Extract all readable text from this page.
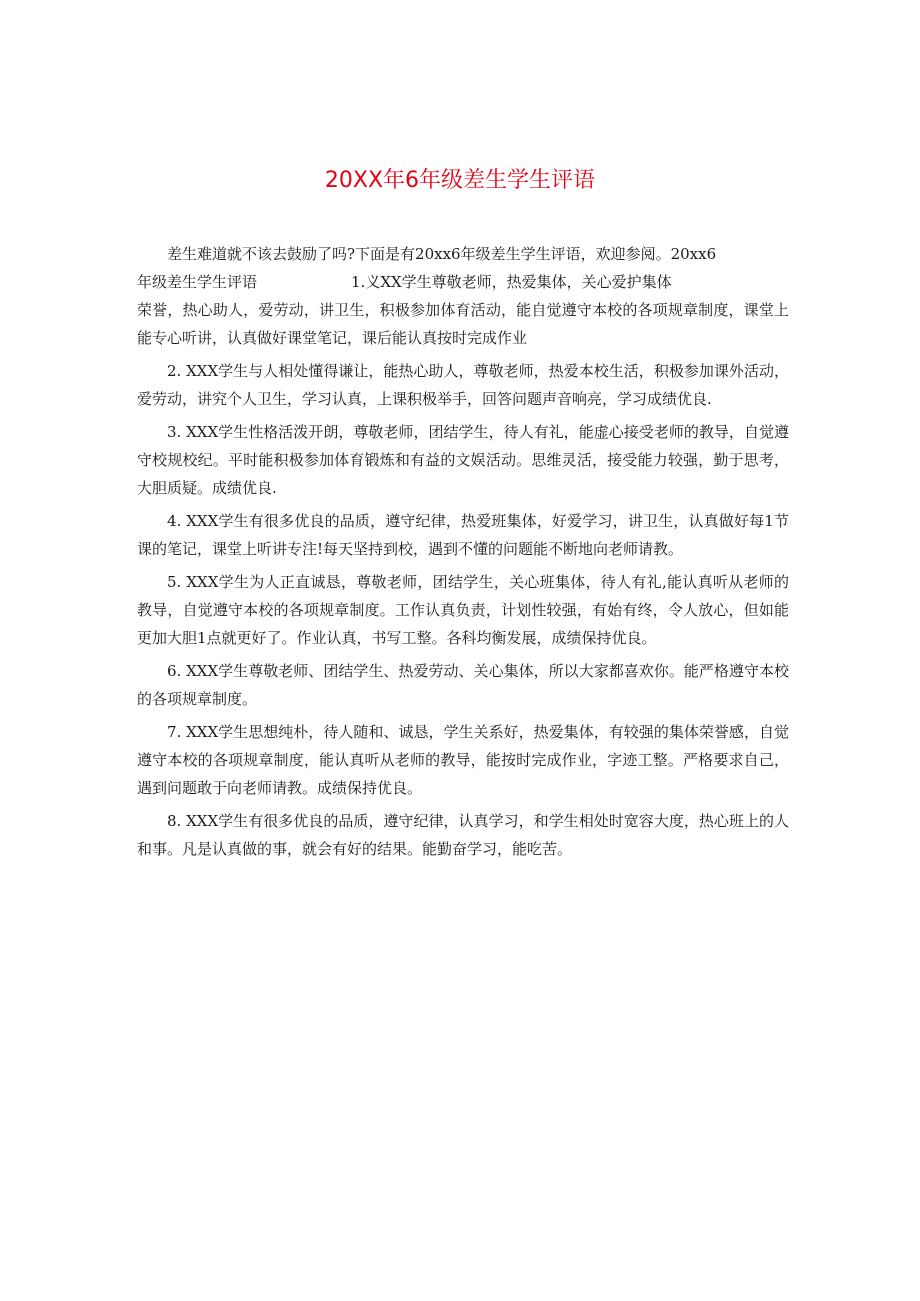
20XX年6年级差生学生评语

差生难道就不该去鼓励了吗?下面是有20xx6年级差生学生评语，欢迎参阅。20xx6

年级差生学生评语	1.义XX学生尊敬老师，热爱集体，关心爱护集体

荣誉，热心助人，爱劳动，讲卫生，积极参加体育活动，能自觉遵守本校的各项规章制度，课堂上能专心听讲，认真做好课堂笔记，课后能认真按时完成作业

2. XXX学生与人相处懂得谦让，能热心助人，尊敬老师，热爱本校生活，积极参加课外活动，爱劳动，讲究个人卫生，学习认真，上课积极举手，回答问题声音响亮，学习成绩优良.

3. XXX学生性格活泼开朗，尊敬老师，团结学生，待人有礼，能虚心接受老师的教导，自觉遵守校规校纪。平时能积极参加体育锻炼和有益的文娱活动。思维灵活，接受能力较强，勤于思考，大胆质疑。成绩优良.

4. XXX学生有很多优良的品质，遵守纪律，热爱班集体，好爱学习，讲卫生，认真做好每1节课的笔记，课堂上听讲专注!每天坚持到校，遇到不懂的问题能不断地向老师请教。

5. XXX学生为人正直诚恳，尊敬老师，团结学生，关心班集体，待人有礼,能认真听从老师的教导，自觉遵守本校的各项规章制度。工作认真负责，计划性较强，有始有终，令人放心，但如能更加大胆1点就更好了。作业认真，书写工整。各科均衡发展，成绩保持优良。

6. XXX学生尊敬老师、团结学生、热爱劳动、关心集体，所以大家都喜欢你。能严格遵守本校的各项规章制度。

7. XXX学生思想纯朴，待人随和、诚恳，学生关系好，热爱集体，有较强的集体荣誉感，自觉遵守本校的各项规章制度，能认真听从老师的教导，能按时完成作业，字迹工整。严格要求自己，遇到问题敢于向老师请教。成绩保持优良。

8. XXX学生有很多优良的品质，遵守纪律，认真学习，和学生相处时宽容大度，热心班上的人和事。凡是认真做的事，就会有好的结果。能勤奋学习，能吃苦。
